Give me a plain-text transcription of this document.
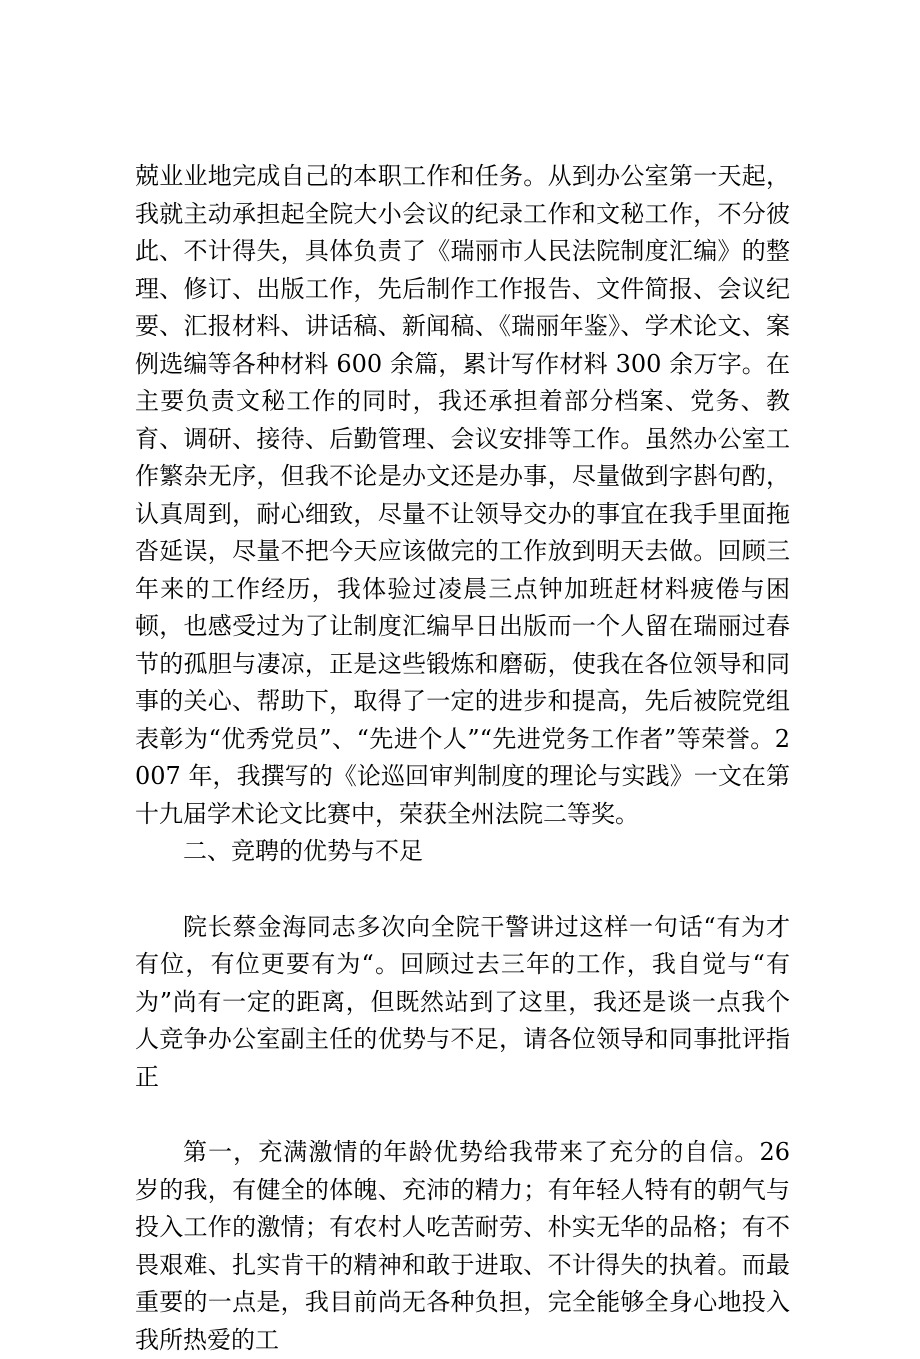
兢业业地完成自己的本职工作和任务。从到办公室第一天起，我就主动承担起全院大小会议的纪录工作和文秘工作，不分彼此、不计得失，具体负责了《瑞丽市人民法院制度汇编》的整理、修订、出版工作，先后制作工作报告、文件简报、会议纪要、汇报材料、讲话稿、新闻稿、《瑞丽年鉴》、学术论文、案例选编等各种材料 600 余篇，累计写作材料 300 余万字。在主要负责文秘工作的同时，我还承担着部分档案、党务、教育、调研、接待、后勤管理、会议安排等工作。虽然办公室工作繁杂无序，但我不论是办文还是办事，尽量做到字斟句酌，认真周到，耐心细致，尽量不让领导交办的事宜在我手里面拖沓延误，尽量不把今天应该做完的工作放到明天去做。回顾三年来的工作经历，我体验过凌晨三点钟加班赶材料疲倦与困顿，也感受过为了让制度汇编早日出版而一个人留在瑞丽过春节的孤胆与凄凉，正是这些锻炼和磨砺，使我在各位领导和同事的关心、帮助下，取得了一定的进步和提高，先后被院党组表彰为“优秀党员”、“先进个人”“先进党务工作者”等荣誉。2007 年，我撰写的《论巡回审判制度的理论与实践》一文在第十九届学术论文比赛中，荣获全州法院二等奖。

二、竞聘的优势与不足

院长蔡金海同志多次向全院干警讲过这样一句话“有为才有位，有位更要有为“。回顾过去三年的工作，我自觉与“有为”尚有一定的距离，但既然站到了这里，我还是谈一点我个人竞争办公室副主任的优势与不足，请各位领导和同事批评指正

第一，充满激情的年龄优势给我带来了充分的自信。26 岁的我，有健全的体魄、充沛的精力；有年轻人特有的朝气与投入工作的激情；有农村人吃苦耐劳、朴实无华的品格；有不畏艰难、扎实肯干的精神和敢于进取、不计得失的执着。而最重要的一点是，我目前尚无各种负担，完全能够全身心地投入我所热爱的工
